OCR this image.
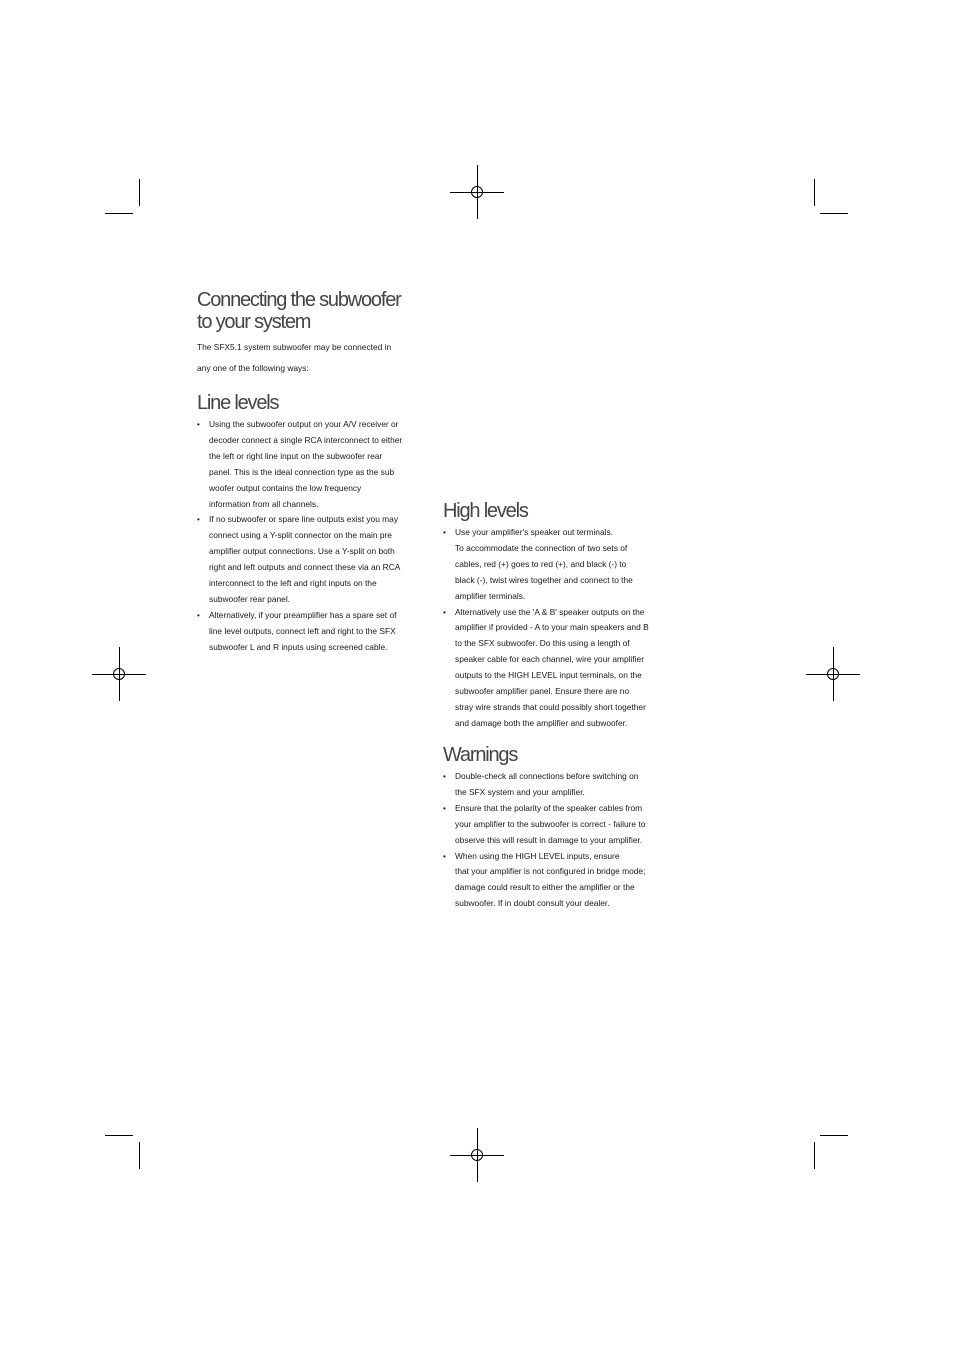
Connecting the subwoofer
to your system

The SFX5.1 system subwoofer may be connected in
any one of the following ways:

Line levels
• Using the subwoofer output on your A/V receiver or
decoder connect a single RCA interconnect to either
the left or right line input on the subwoofer rear
panel. This is the ideal connection type as the sub
woofer output contains the low frequency
information from all channels.
• If no subwoofer or spare line outputs exist you may
connect using a Y-split connector on the main pre
amplifier output connections. Use a Y-split on both
right and left outputs and connect these via an RCA
interconnect to the left and right inputs on the
subwoofer rear panel.
• Alternatively, if your preamplifier has a spare set of
line level outputs, connect left and right to the SFX
subwoofer L and R inputs using screened cable.
High levels
• Use your amplifier's speaker out terminals.
To accommodate the connection of two sets of
cables, red (+) goes to red (+), and black (-) to
black (-), twist wires together and connect to the
amplifier terminals.
• Alternatively use the 'A & B' speaker outputs on the
amplifier if provided - A to your main speakers and B
to the SFX subwoofer. Do this using a length of
speaker cable for each channel, wire your amplifier
outputs to the HIGH LEVEL input terminals, on the
subwoofer amplifier panel. Ensure there are no
stray wire strands that could possibly short together
and damage both the amplifier and subwoofer.
Warnings
• Double-check all connections before switching on
the SFX system and your amplifier.
• Ensure that the polarity of the speaker cables from
your amplifier to the subwoofer is correct - failure to
observe this will result in damage to your amplifier.
• When using the HIGH LEVEL inputs, ensure
that your amplifier is not configured in bridge mode;
damage could result to either the amplifier or the
subwoofer. If in doubt consult your dealer.
